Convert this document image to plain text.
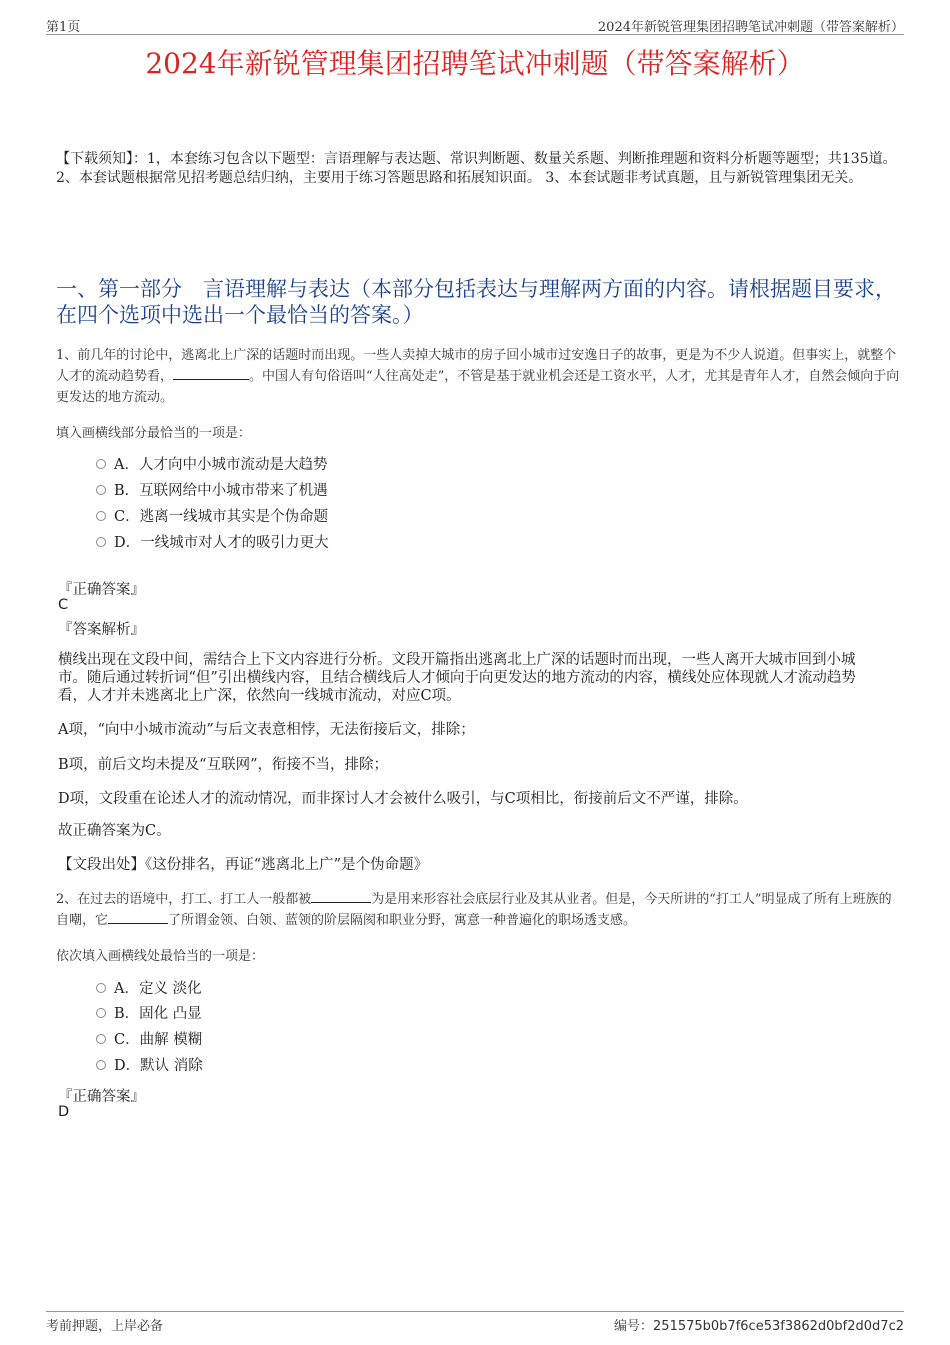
第1页	2024年新锐管理集团招聘笔试冲刺题（带答案解析）
2024年新锐管理集团招聘笔试冲刺题（带答案解析）
【下载须知】：1，本套练习包含以下题型：言语理解与表达题、常识判断题、数量关系题、判断推理题和资料分析题等题型；共135道。 2、本套试题根据常见招考题总结归纳，主要用于练习答题思路和拓展知识面。 3、本套试题非考试真题，且与新锐管理集团无关。
一、第一部分　言语理解与表达（本部分包括表达与理解两方面的内容。请根据题目要求，在四个选项中选出一个最恰当的答案。）
1、前几年的讨论中，逃离北上广深的话题时而出现。一些人卖掉大城市的房子回小城市过安逸日子的故事，更是为不少人说道。但事实上，就整个人才的流动趋势看，	。中国人有句俗语叫“人往高处走”，不管是基于就业机会还是工资水平，人才，尤其是青年人才，自然会倾向于向更发达的地方流动。
填入画横线部分最恰当的一项是：
A．人才向中小城市流动是大趋势
B．互联网给中小城市带来了机遇
C．逃离一线城市其实是个伪命题
D．一线城市对人才的吸引力更大
『正确答案』
C
『答案解析』
横线出现在文段中间，需结合上下文内容进行分析。文段开篇指出逃离北上广深的话题时而出现，一些人离开大城市回到小城市。随后通过转折词“但”引出横线内容，且结合横线后人才倾向于向更发达的地方流动的内容，横线处应体现就人才流动趋势看，人才并未逃离北上广深，依然向一线城市流动，对应C项。
A项，“向中小城市流动”与后文表意相悖，无法衔接后文，排除；
B项，前后文均未提及“互联网”，衔接不当，排除；
D项，文段重在论述人才的流动情况，而非探讨人才会被什么吸引，与C项相比，衔接前后文不严谨，排除。
故正确答案为C。
【文段出处】《这份排名，再证“逃离北上广”是个伪命题》
2、在过去的语境中，打工、打工人一般都被	为是用来形容社会底层行业及其从业者。但是，今天所讲的“打工人”明显成了所有上班族的自嘲，它	了所谓金领、白领、蓝领的阶层隔阂和职业分野，寓意一种普遍化的职场透支感。
依次填入画横线处最恰当的一项是：
A．定义 淡化
B．固化 凸显
C．曲解 模糊
D．默认 消除
『正确答案』
D
考前押题，上岸必备	编号：251575b0b7f6ce53f3862d0bf2d0d7c2
